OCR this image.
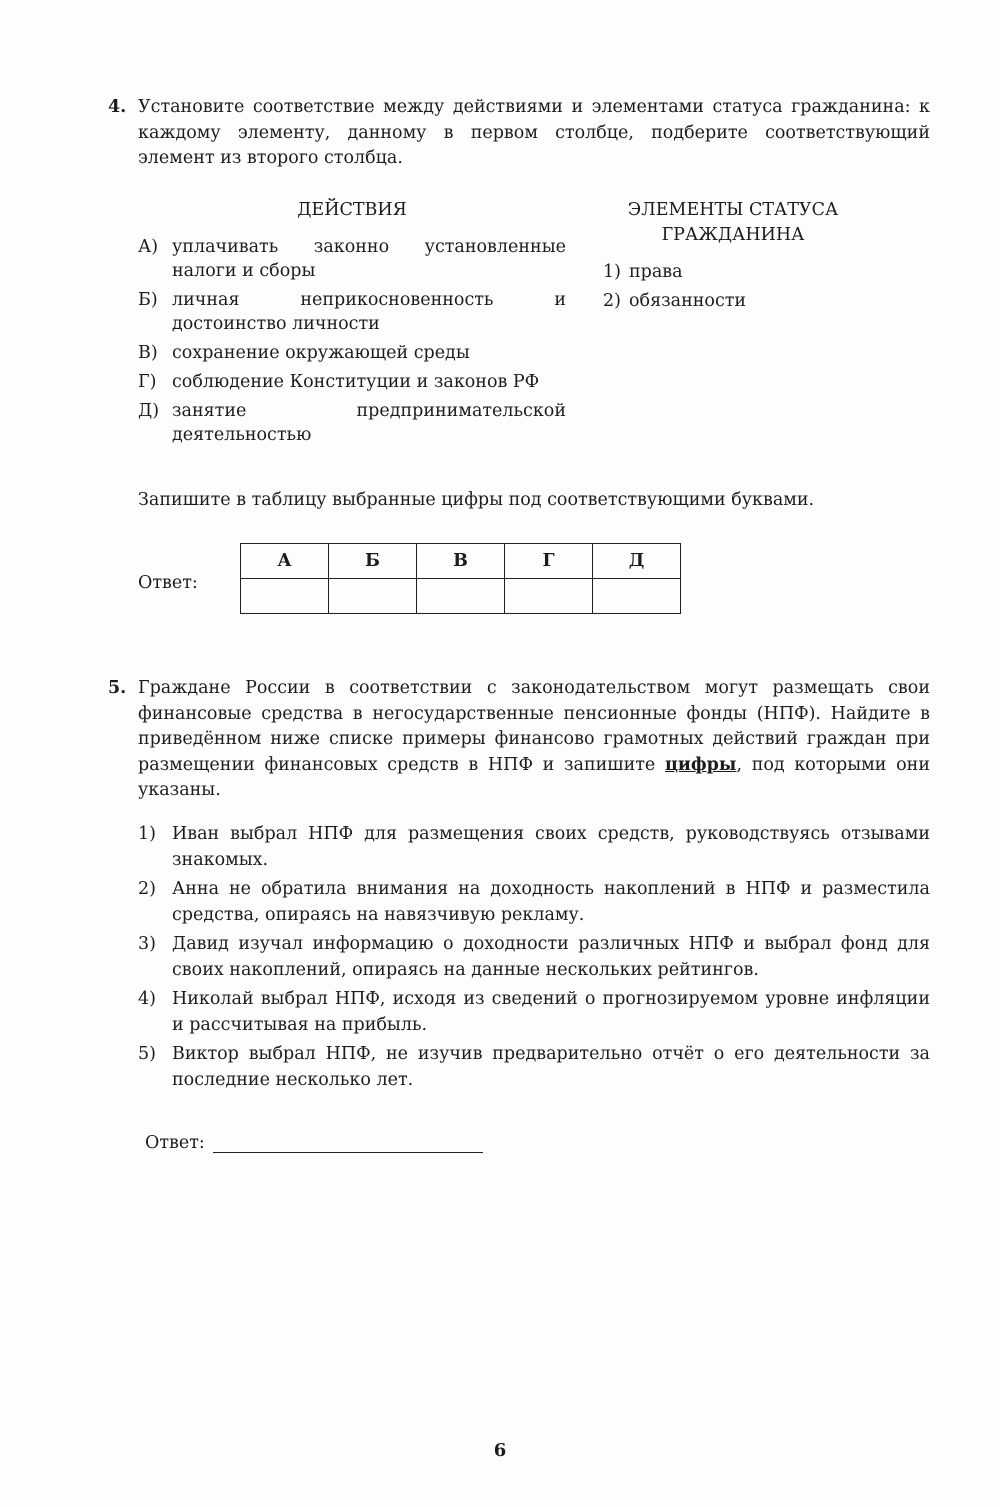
4. Установите соответствие между действиями и элементами статуса гражданина: к каждому элементу, данному в первом столбце, подберите соответствующий элемент из второго столбца.
ДЕЙСТВИЯ
А) уплачивать законно установленные налоги и сборы
Б) личная неприкосновенность и достоинство личности
В) сохранение окружающей среды
Г) соблюдение Конституции и законов РФ
Д) занятие предпринимательской деятельностью
ЭЛЕМЕНТЫ СТАТУСА ГРАЖДАНИНА
1) права
2) обязанности
Запишите в таблицу выбранные цифры под соответствующими буквами.
Ответ:
А	Б	В	Г	Д

5. Граждане России в соответствии с законодательством могут размещать свои финансовые средства в негосударственные пенсионные фонды (НПФ). Найдите в приведённом ниже списке примеры финансово грамотных действий граждан при размещении финансовых средств в НПФ и запишите цифры, под которыми они указаны.
1) Иван выбрал НПФ для размещения своих средств, руководствуясь отзывами знакомых.
2) Анна не обратила внимания на доходность накоплений в НПФ и разместила средства, опираясь на навязчивую рекламу.
3) Давид изучал информацию о доходности различных НПФ и выбрал фонд для своих накоплений, опираясь на данные нескольких рейтингов.
4) Николай выбрал НПФ, исходя из сведений о прогнозируемом уровне инфляции и рассчитывая на прибыль.
5) Виктор выбрал НПФ, не изучив предварительно отчёт о его деятельности за последние несколько лет.
Ответ:
6
